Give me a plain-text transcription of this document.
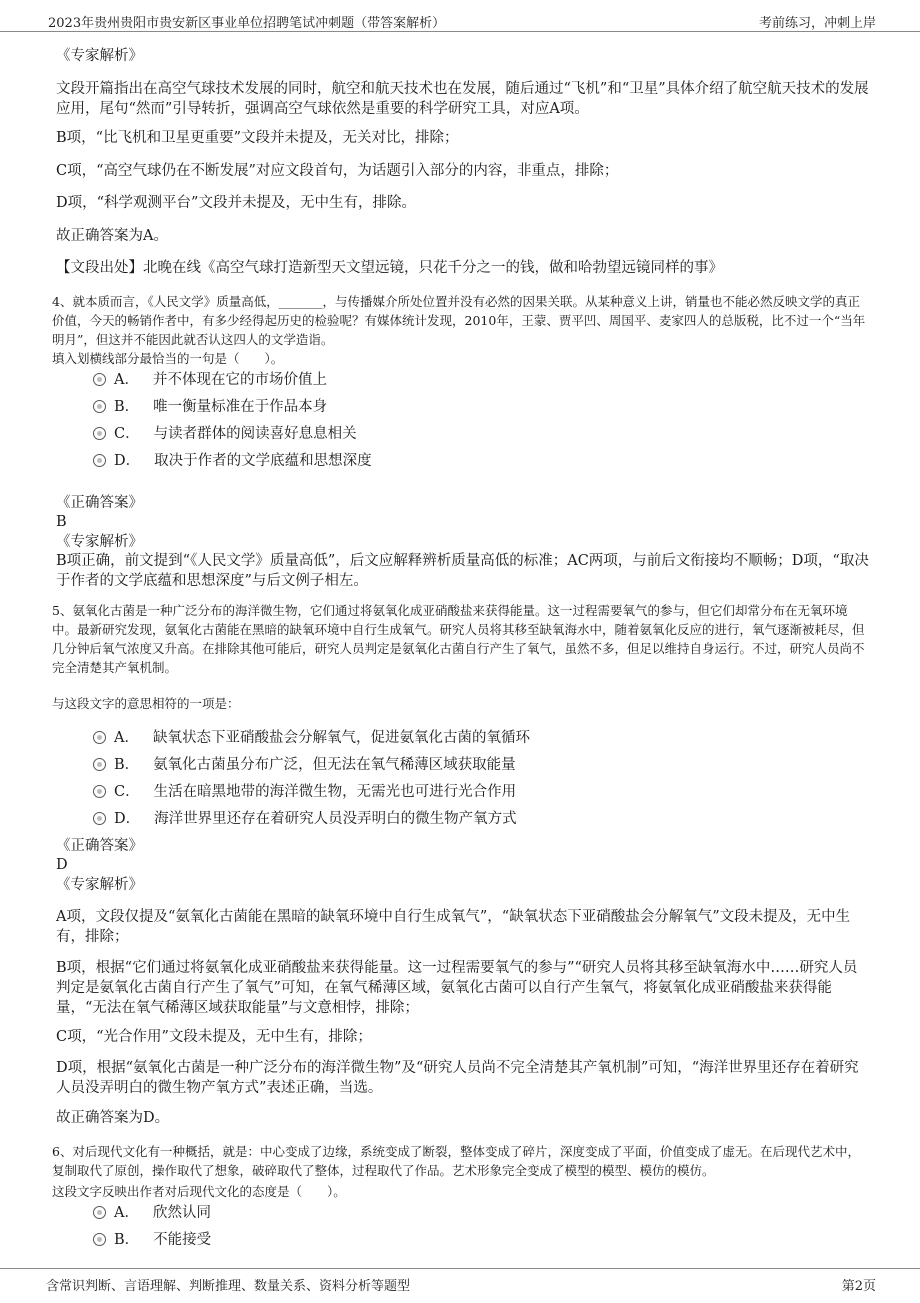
2023年贵州贵阳市贵安新区事业单位招聘笔试冲刺题（带答案解析）	考前练习，冲刺上岸
《专家解析》
文段开篇指出在高空气球技术发展的同时，航空和航天技术也在发展，随后通过“飞机”和“卫星”具体介绍了航空航天技术的发展应用，尾句“然而”引导转折，强调高空气球依然是重要的科学研究工具，对应A项。
B项，“比飞机和卫星更重要”文段并未提及，无关对比，排除；
C项，“高空气球仍在不断发展”对应文段首句，为话题引入部分的内容，非重点，排除；
D项，“科学观测平台”文段并未提及，无中生有，排除。
故正确答案为A。
【文段出处】北晚在线《高空气球打造新型天文望远镜，只花千分之一的钱，做和哈勃望远镜同样的事》
4、就本质而言，《人民文学》质量高低，_______，与传播媒介所处位置并没有必然的因果关联。从某种意义上讲，销量也不能必然反映文学的真正价值，今天的畅销作者中，有多少经得起历史的检验呢？有媒体统计发现，2010年，王蒙、贾平凹、周国平、麦家四人的总版税，比不过一个“当年明月”，但这并不能因此就否认这四人的文学造诣。
填入划横线部分最恰当的一句是（　　）。
A． 并不体现在它的市场价值上
B． 唯一衡量标准在于作品本身
C． 与读者群体的阅读喜好息息相关
D． 取决于作者的文学底蕴和思想深度
《正确答案》
B
《专家解析》
B项正确，前文提到“《人民文学》质量高低”，后文应解释辨析质量高低的标准；AC两项，与前后文衔接均不顺畅；D项，“取决于作者的文学底蕴和思想深度”与后文例子相左。
5、氨氧化古菌是一种广泛分布的海洋微生物，它们通过将氨氧化成亚硝酸盐来获得能量。这一过程需要氧气的参与，但它们却常分布在无氧环境中。最新研究发现，氨氧化古菌能在黑暗的缺氧环境中自行生成氧气。研究人员将其移至缺氧海水中，随着氨氧化反应的进行，氧气逐渐被耗尽，但几分钟后氧气浓度又升高。在排除其他可能后，研究人员判定是氨氧化古菌自行产生了氧气，虽然不多，但足以维持自身运行。不过，研究人员尚不完全清楚其产氧机制。
与这段文字的意思相符的一项是：
A． 缺氧状态下亚硝酸盐会分解氧气，促进氨氧化古菌的氧循环
B． 氨氧化古菌虽分布广泛，但无法在氧气稀薄区域获取能量
C． 生活在暗黑地带的海洋微生物，无需光也可进行光合作用
D． 海洋世界里还存在着研究人员没弄明白的微生物产氧方式
《正确答案》
D
《专家解析》
A项，文段仅提及“氨氧化古菌能在黑暗的缺氧环境中自行生成氧气”，“缺氧状态下亚硝酸盐会分解氧气”文段未提及，无中生有，排除；
B项，根据“它们通过将氨氧化成亚硝酸盐来获得能量。这一过程需要氧气的参与”“研究人员将其移至缺氧海水中……研究人员判定是氨氧化古菌自行产生了氧气”可知，在氧气稀薄区域，氨氧化古菌可以自行产生氧气，将氨氧化成亚硝酸盐来获得能量，“无法在氧气稀薄区域获取能量”与文意相悖，排除；
C项，“光合作用”文段未提及，无中生有，排除；
D项，根据“氨氧化古菌是一种广泛分布的海洋微生物”及“研究人员尚不完全清楚其产氧机制”可知，“海洋世界里还存在着研究人员没弄明白的微生物产氧方式”表述正确，当选。
故正确答案为D。
6、对后现代文化有一种概括，就是：中心变成了边缘，系统变成了断裂，整体变成了碎片，深度变成了平面，价值变成了虚无。在后现代艺术中，复制取代了原创，操作取代了想象，破碎取代了整体，过程取代了作品。艺术形象完全变成了模型的模型、模仿的模仿。
这段文字反映出作者对后现代文化的态度是（　　）。
A． 欣然认同
B． 不能接受
含常识判断、言语理解、判断推理、数量关系、资料分析等题型	第2页
